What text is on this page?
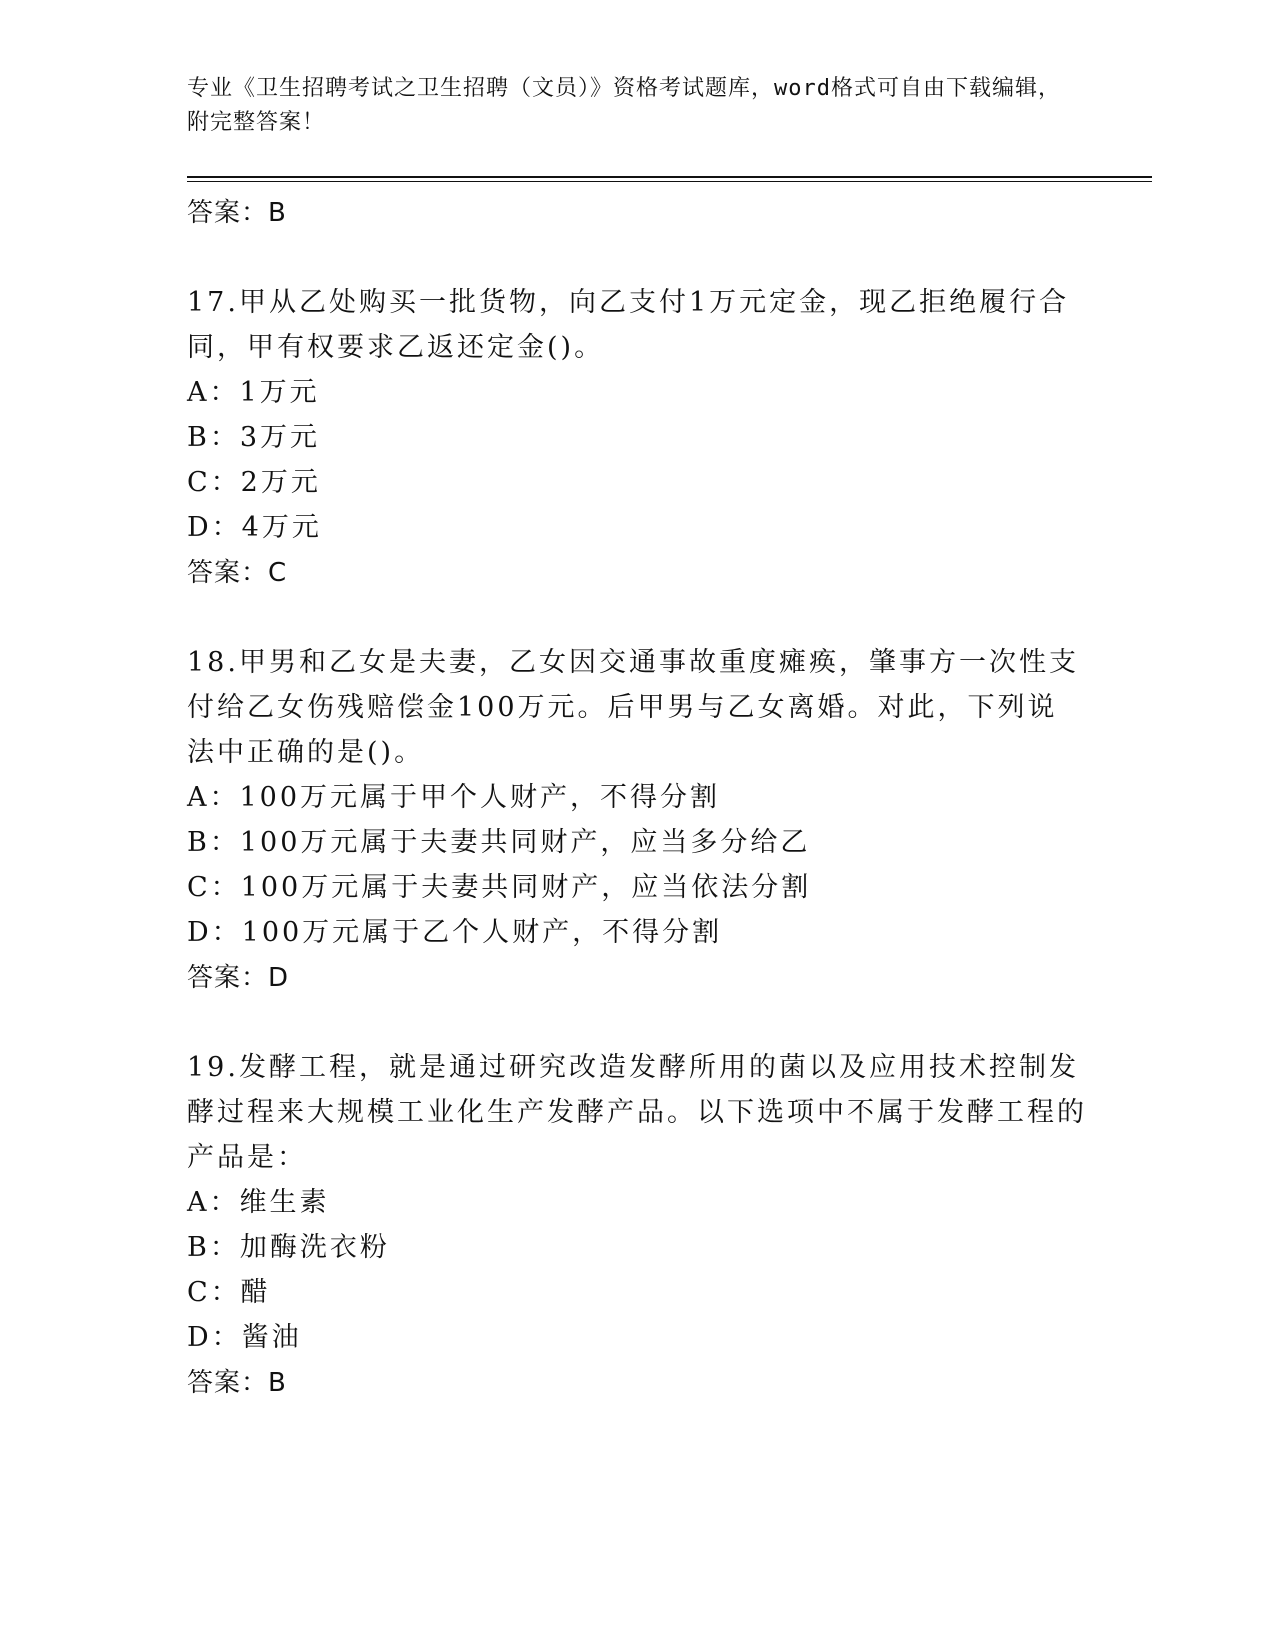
专业《卫生招聘考试之卫生招聘（文员）》资格考试题库，word格式可自由下载编辑，附完整答案！
答案：B
17.甲从乙处购买一批货物，向乙支付1万元定金，现乙拒绝履行合同，甲有权要求乙返还定金()。
A：1万元
B：3万元
C：2万元
D：4万元
答案：C
18.甲男和乙女是夫妻，乙女因交通事故重度瘫痪，肇事方一次性支付给乙女伤残赔偿金100万元。后甲男与乙女离婚。对此，下列说法中正确的是()。
A：100万元属于甲个人财产，不得分割
B：100万元属于夫妻共同财产，应当多分给乙
C：100万元属于夫妻共同财产，应当依法分割
D：100万元属于乙个人财产，不得分割
答案：D
19.发酵工程，就是通过研究改造发酵所用的菌以及应用技术控制发酵过程来大规模工业化生产发酵产品。以下选项中不属于发酵工程的产品是：
A：维生素
B：加酶洗衣粉
C：醋
D：酱油
答案：B
